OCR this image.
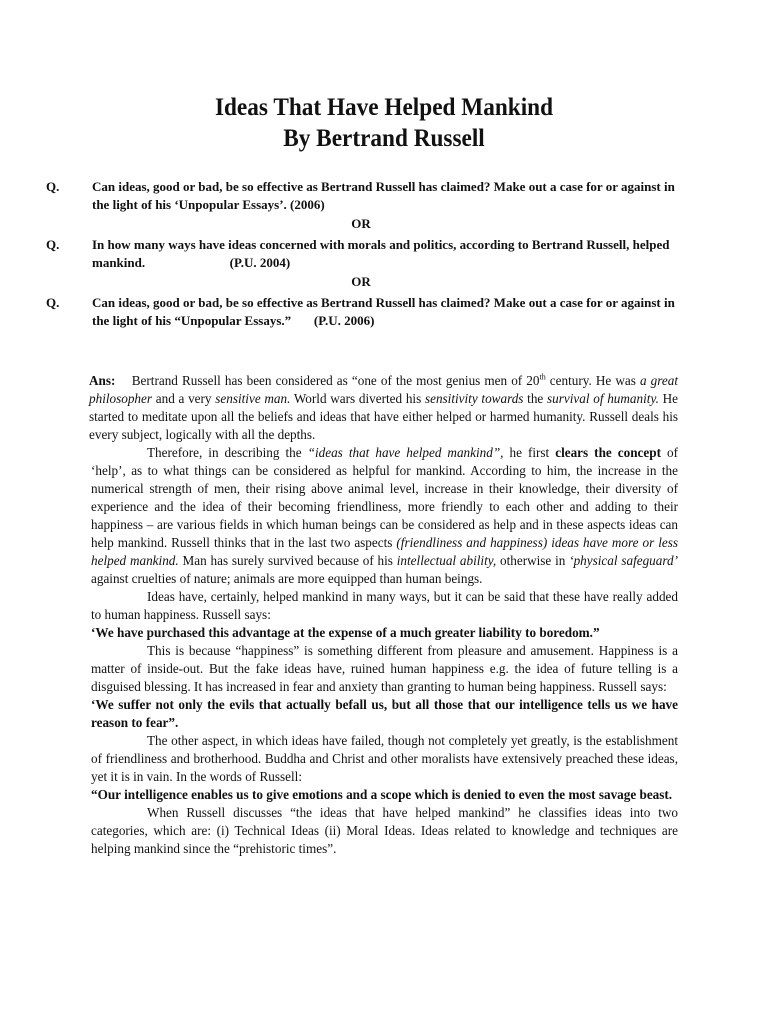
Ideas That Have Helped Mankind
By Bertrand Russell
Q.	Can ideas, good or bad, be so effective as Bertrand Russell has claimed? Make out a case for or against in the light of his ‘Unpopular Essays’. (2006)
OR
Q.	In how many ways have ideas concerned with morals and politics, according to Bertrand Russell, helped mankind.                          (P.U. 2004)
OR
Q.	Can ideas, good or bad, be so effective as Bertrand Russell has claimed? Make out a case for or against in the light of his “Unpopular Essays.”       (P.U. 2006)

Ans: Bertrand Russell has been considered as “one of the most genius men of 20th century. He was a great philosopher and a very sensitive man. World wars diverted his sensitivity towards the survival of humanity. He started to meditate upon all the beliefs and ideas that have either helped or harmed humanity. Russell deals his every subject, logically with all the depths.

Therefore, in describing the “ideas that have helped mankind”, he first clears the concept of ‘help’, as to what things can be considered as helpful for mankind. According to him, the increase in the numerical strength of men, their rising above animal level, increase in their knowledge, their diversity of experience and the idea of their becoming friendliness, more friendly to each other and adding to their happiness – are various fields in which human beings can be considered as help and in these aspects ideas can help mankind. Russell thinks that in the last two aspects (friendliness and happiness) ideas have more or less helped mankind. Man has surely survived because of his intellectual ability, otherwise in ‘physical safeguard’ against cruelties of nature; animals are more equipped than human beings.

Ideas have, certainly, helped mankind in many ways, but it can be said that these have really added to human happiness. Russell says:

‘We have purchased this advantage at the expense of a much greater liability to boredom.”

This is because “happiness” is something different from pleasure and amusement. Happiness is a matter of inside-out. But the fake ideas have, ruined human happiness e.g. the idea of future telling is a disguised blessing. It has increased in fear and anxiety than granting to human being happiness. Russell says:

‘We suffer not only the evils that actually befall us, but all those that our intelligence tells us we have reason to fear”.

The other aspect, in which ideas have failed, though not completely yet greatly, is the establishment of friendliness and brotherhood. Buddha and Christ and other moralists have extensively preached these ideas, yet it is in vain. In the words of Russell:

“Our intelligence enables us to give emotions and a scope which is denied to even the most savage beast.

When Russell discusses “the ideas that have helped mankind” he classifies ideas into two categories, which are: (i) Technical Ideas (ii) Moral Ideas. Ideas related to knowledge and techniques are helping mankind since the “prehistoric times”.
